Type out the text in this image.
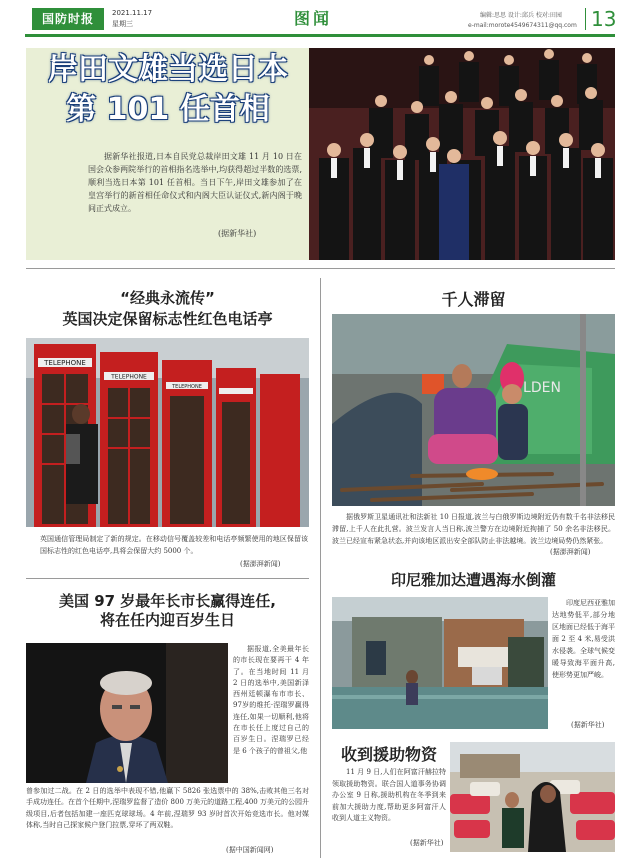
国防时报	2021.11.17
星期三	图闻	编辑:思思 设计:邱兵 校对:田园
e-mail:morote4549674311@qq.com 13
岸田文雄当选日本
第 101 任首相
据新华社报道,日本自民党总裁岸田文雄 11 月 10 日在国会众参两院举行的首相指名选举中,均获得超过半数的选票,顺利当选日本第 101 任首相。当日下午,岸田文雄参加了在皇宫举行的新首相任命仪式和内阁大臣认证仪式,新内阁于晚间正式成立。
(据新华社)
“经典永流传”
英国决定保留标志性红色电话亭
TELEPHONE
TELEPHONE
TELEPHONE
英国通信管理局制定了新的规定。在移动信号覆盖较差和电话亭频繁使用的地区保留该国标志性的红色电话亭,具将会保留大约 5000 个。
(据澎湃新闻)
美国 97 岁最年长市长赢得连任,
将在任内迎百岁生日
据报道,全美最年长的市长现在要再干 4 年了。在当地时间 11 月 2 日的选举中,美国新泽西州廷顿瀑布市市长、97岁的维托·涅瑞罗赢得连任,如果一切顺利,他将在市长任上度过自己的百岁生日。涅瑞罗已经是 6 个孩子的曾祖父,他
曾参加过二战。在 2 日的选举中表现不错,他赢下 5826 张选票中的 38%,击败其他三名对手成功连任。在首个任期中,涅瑞罗监督了造价 800 万美元的道路工程,400 万美元的公园升级项目,后者包括加建一座匹克球球场。4 年前,涅瑞罗 93 岁时首次开始竞选市长。他对媒体称,当时自己探家候户登门拉票,穿坏了两双鞋。
(据中国新闻网)
千人滞留
LDEN
据俄罗斯卫星通讯社和法新社 10 日报道,波兰与白俄罗斯边境附近仍有数千名非法移民滞留,上千人在此扎营。波兰发言人当日称,波兰警方在边境附近拘捕了 50 余名非法移民。波兰已经宣布紧急状态,并向该地区派出安全部队防止非法越境。波兰边境局势仍然紧张。
(据澎湃新闻)
印尼雅加达遭遇海水倒灌
印度尼西亚雅加达地势低平,部分地区地面已经低于海平面 2 至 4 米,易受洪水侵袭。全球气候变暖导致海平面升高,使形势更加严峻。
(据新华社)
收到援助物资
11 月 9 日,人们在阿富汗赫拉特领取援助物资。联合国人道事务协调办公室 9 日称,援助机构在冬季到来前加大援助力度,帮助更多阿富汗人收到人道主义物资。
(据新华社)
